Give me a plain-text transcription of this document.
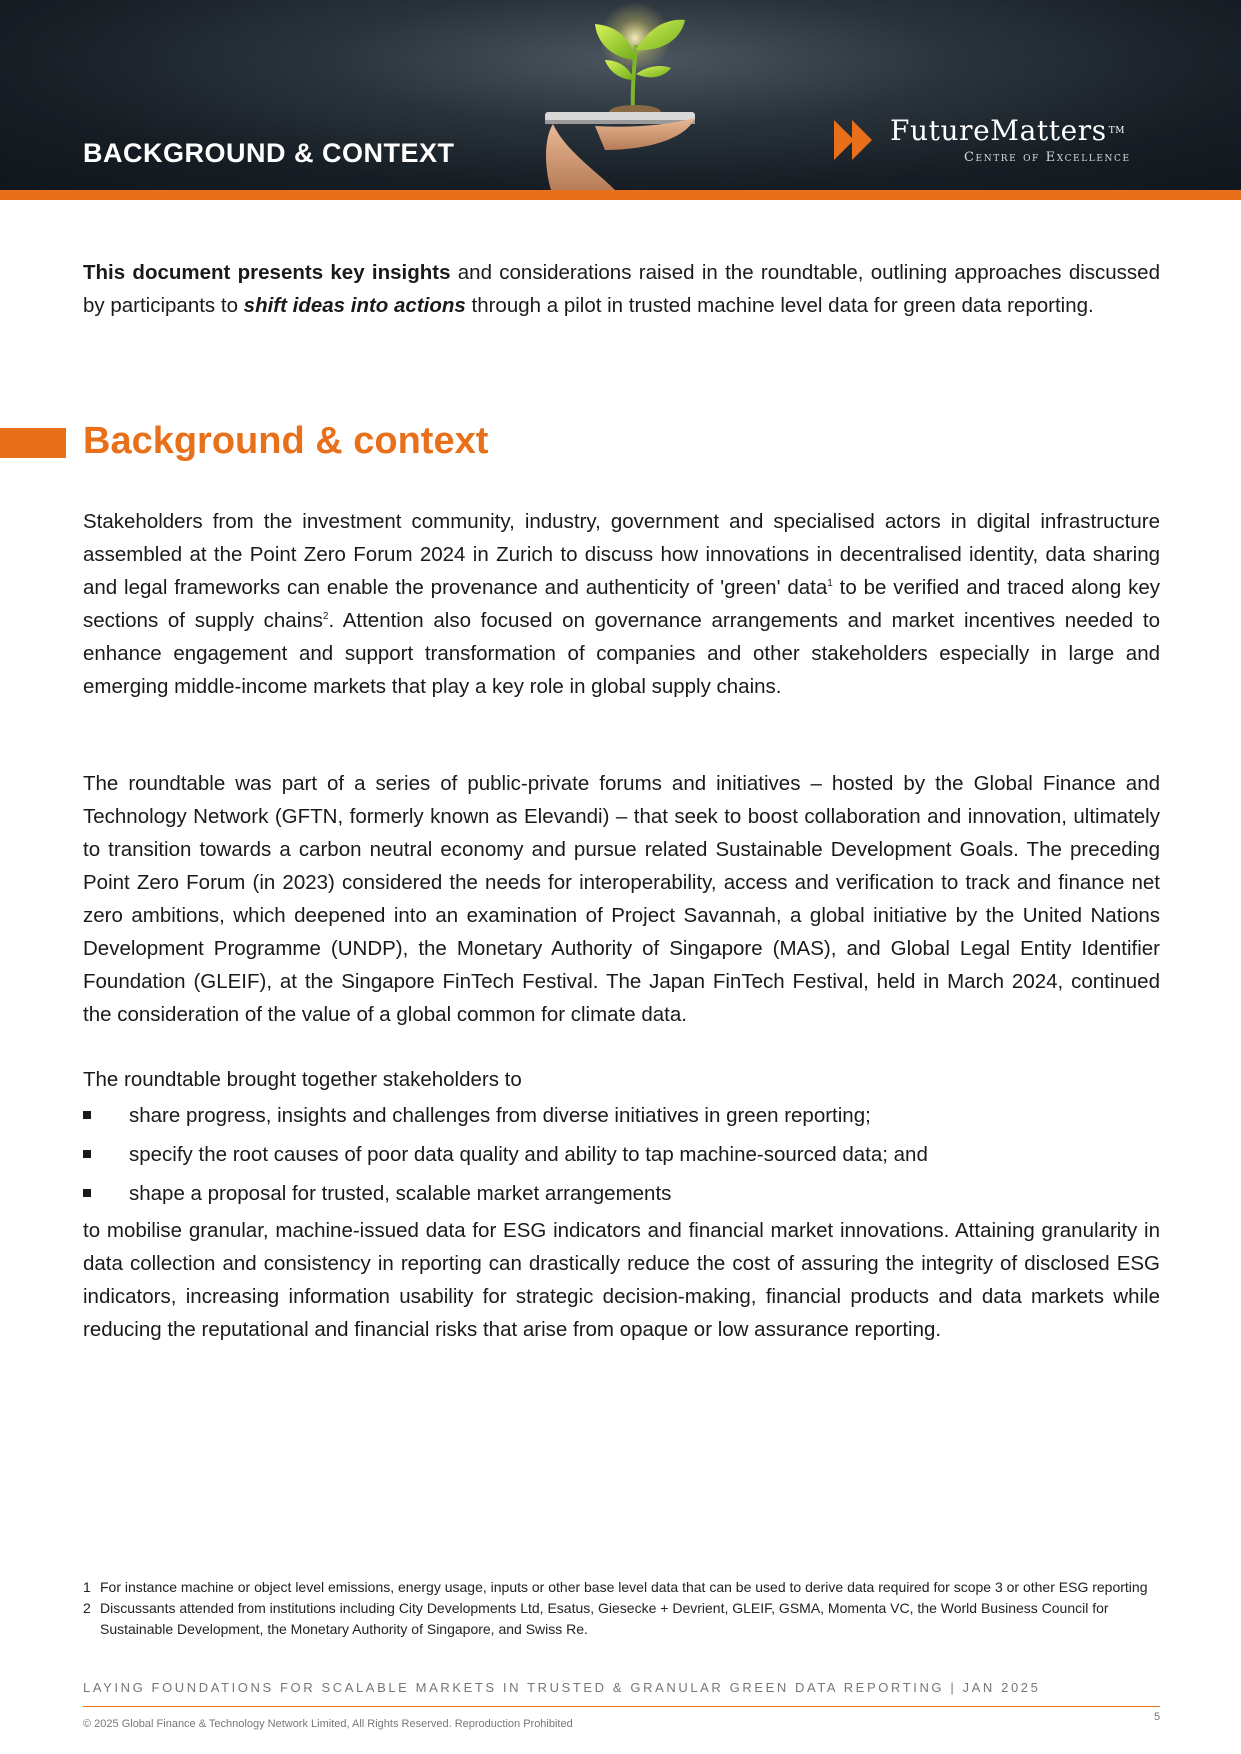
BACKGROUND & CONTEXT
FutureMatters ™
Centre of Excellence

This document presents key insights and considerations raised in the roundtable, outlining approaches discussed by participants to shift ideas into actions through a pilot in trusted machine level data for green data reporting.

Background & context

Stakeholders from the investment community, industry, government and specialised actors in digital infrastructure assembled at the Point Zero Forum 2024 in Zurich to discuss how innovations in decentralised identity, data sharing and legal frameworks can enable the provenance and authenticity of 'green' data$^1$ to be verified and traced along key sections of supply chains$^2$. Attention also focused on governance arrangements and market incentives needed to enhance engagement and support transformation of companies and other stakeholders especially in large and emerging middle-income markets that play a key role in global supply chains.

The roundtable was part of a series of public-private forums and initiatives – hosted by the Global Finance and Technology Network (GFTN, formerly known as Elevandi) – that seek to boost collaboration and innovation, ultimately to transition towards a carbon neutral economy and pursue related Sustainable Development Goals. The preceding Point Zero Forum (in 2023) considered the needs for interoperability, access and verification to track and finance net zero ambitions, which deepened into an examination of Project Savannah, a global initiative by the United Nations Development Programme (UNDP), the Monetary Authority of Singapore (MAS), and Global Legal Entity Identifier Foundation (GLEIF), at the Singapore FinTech Festival. The Japan FinTech Festival, held in March 2024, continued the consideration of the value of a global common for climate data.

The roundtable brought together stakeholders to

share progress, insights and challenges from diverse initiatives in green reporting;
specify the root causes of poor data quality and ability to tap machine-sourced data; and
shape a proposal for trusted, scalable market arrangements

to mobilise granular, machine-issued data for ESG indicators and financial market innovations. Attaining granularity in data collection and consistency in reporting can drastically reduce the cost of assuring the integrity of disclosed ESG indicators, increasing information usability for strategic decision-making, financial products and data markets while reducing the reputational and financial risks that arise from opaque or low assurance reporting.

1 For instance machine or object level emissions, energy usage, inputs or other base level data that can be used to derive data required for scope 3 or other ESG reporting
2 Discussants attended from institutions including City Developments Ltd, Esatus, Giesecke + Devrient, GLEIF, GSMA, Momenta VC, the World Business Council for Sustainable Development, the Monetary Authority of Singapore, and Swiss Re.
LAYING FOUNDATIONS FOR SCALABLE MARKETS IN TRUSTED & GRANULAR GREEN DATA REPORTING | JAN 2025
© 2025 Global Finance & Technology Network Limited, All Rights Reserved. Reproduction Prohibited
5
